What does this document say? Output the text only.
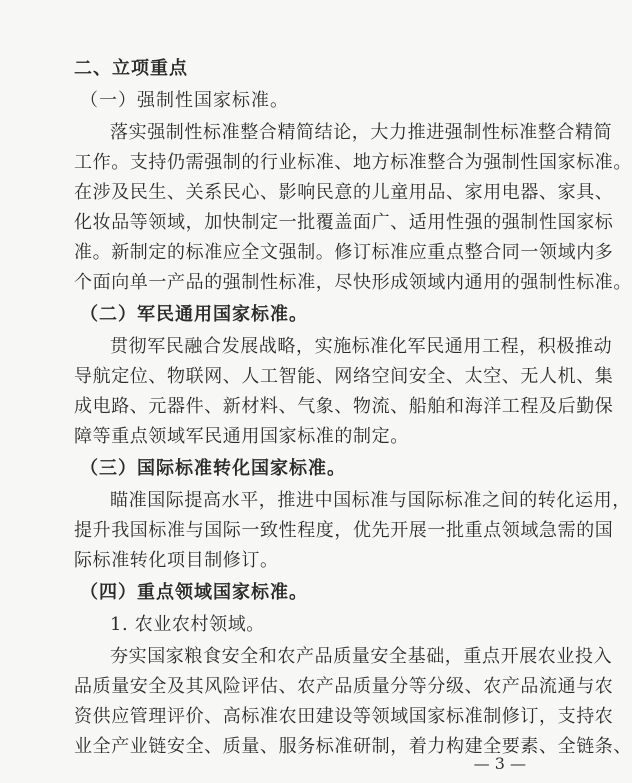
二、立项重点
（一）强制性国家标准。
落实强制性标准整合精简结论，大力推进强制性标准整合精简
工作。支持仍需强制的行业标准、地方标准整合为强制性国家标准。
在涉及民生、关系民心、影响民意的儿童用品、家用电器、家具、
化妆品等领域，加快制定一批覆盖面广、适用性强的强制性国家标
准。新制定的标准应全文强制。修订标准应重点整合同一领域内多
个面向单一产品的强制性标准，尽快形成领域内通用的强制性标准。
（二）军民通用国家标准。
贯彻军民融合发展战略，实施标准化军民通用工程，积极推动
导航定位、物联网、人工智能、网络空间安全、太空、无人机、集
成电路、元器件、新材料、气象、物流、船舶和海洋工程及后勤保
障等重点领域军民通用国家标准的制定。
（三）国际标准转化国家标准。
瞄准国际提高水平，推进中国标准与国际标准之间的转化运用，
提升我国标准与国际一致性程度，优先开展一批重点领域急需的国
际标准转化项目制修订。
（四）重点领域国家标准。
1. 农业农村领域。
夯实国家粮食安全和农产品质量安全基础，重点开展农业投入
品质量安全及其风险评估、农产品质量分等分级、农产品流通与农
资供应管理评价、高标准农田建设等领域国家标准制修订，支持农
业全产业链安全、质量、服务标准研制，着力构建全要素、全链条、
— 3 —
